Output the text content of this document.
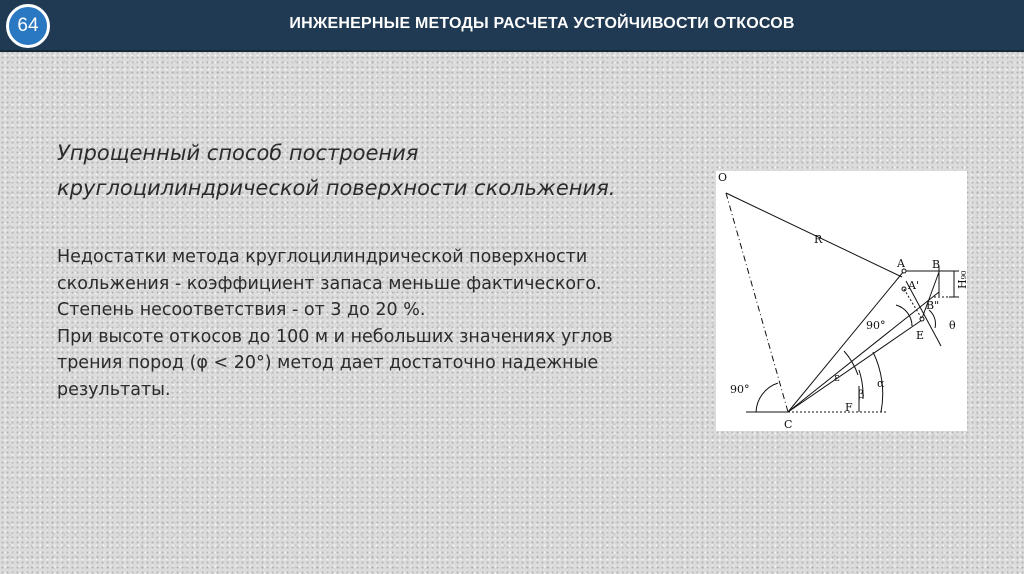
64	ИНЖЕНЕРНЫЕ МЕТОДЫ РАСЧЕТА УСТОЙЧИВОСТИ ОТКОСОВ
Упрощенный способ построения
круглоцилиндрической поверхности скольжения.
Недостатки метода круглоцилиндрической поверхности
скольжения - коэффициент запаса меньше фактического.
Степень несоответствия - от 3 до 20 %.
При высоте откосов до 100 м и небольших значениях углов
трения пород (φ < 20°) метод дает достаточно надежные
результаты.
O
R
A B
A'
B"
H₉₀
90°
E
θ
ε	α
β
F
90°
C
